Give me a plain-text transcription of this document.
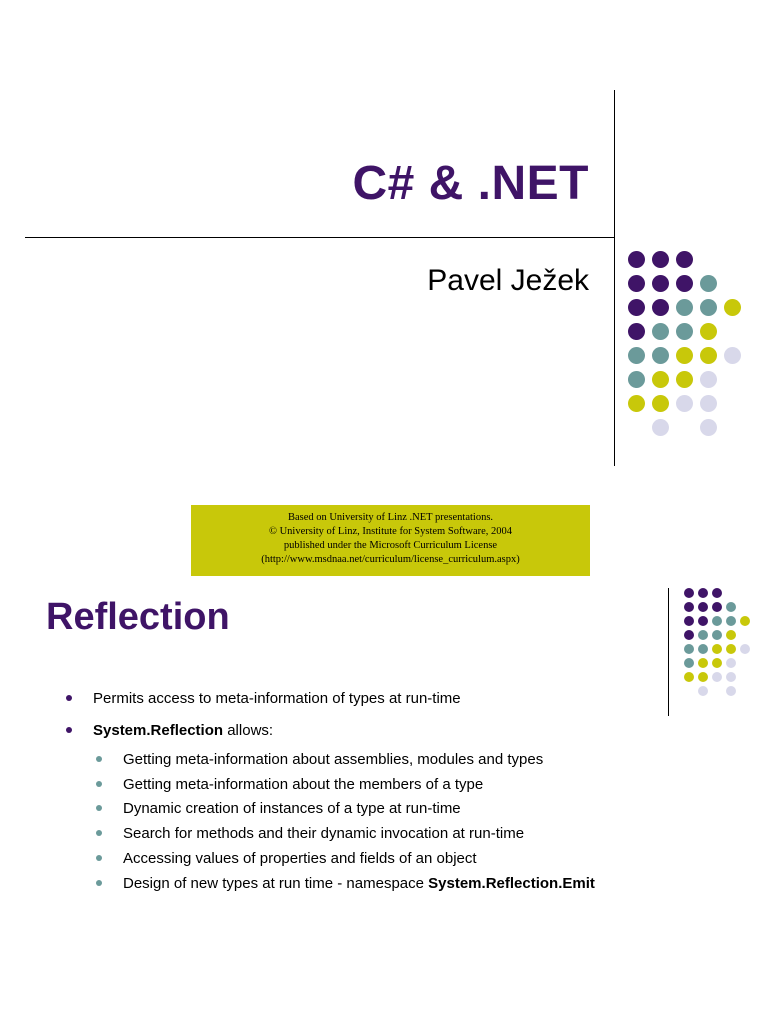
C# & .NET
Pavel Ježek
Based on University of Linz .NET presentations.
© University of Linz, Institute for System Software, 2004
published under the Microsoft Curriculum License
(http://www.msdnaa.net/curriculum/license_curriculum.aspx)
Reflection
Permits access to meta-information of types at run-time
System.Reflection allows:
Getting meta-information about assemblies, modules and types
Getting meta-information about the members of a type
Dynamic creation of instances of a type at run-time
Search for methods and their dynamic invocation at run-time
Accessing values of properties and fields of an object
Design of new types at run time - namespace System.Reflection.Emit
